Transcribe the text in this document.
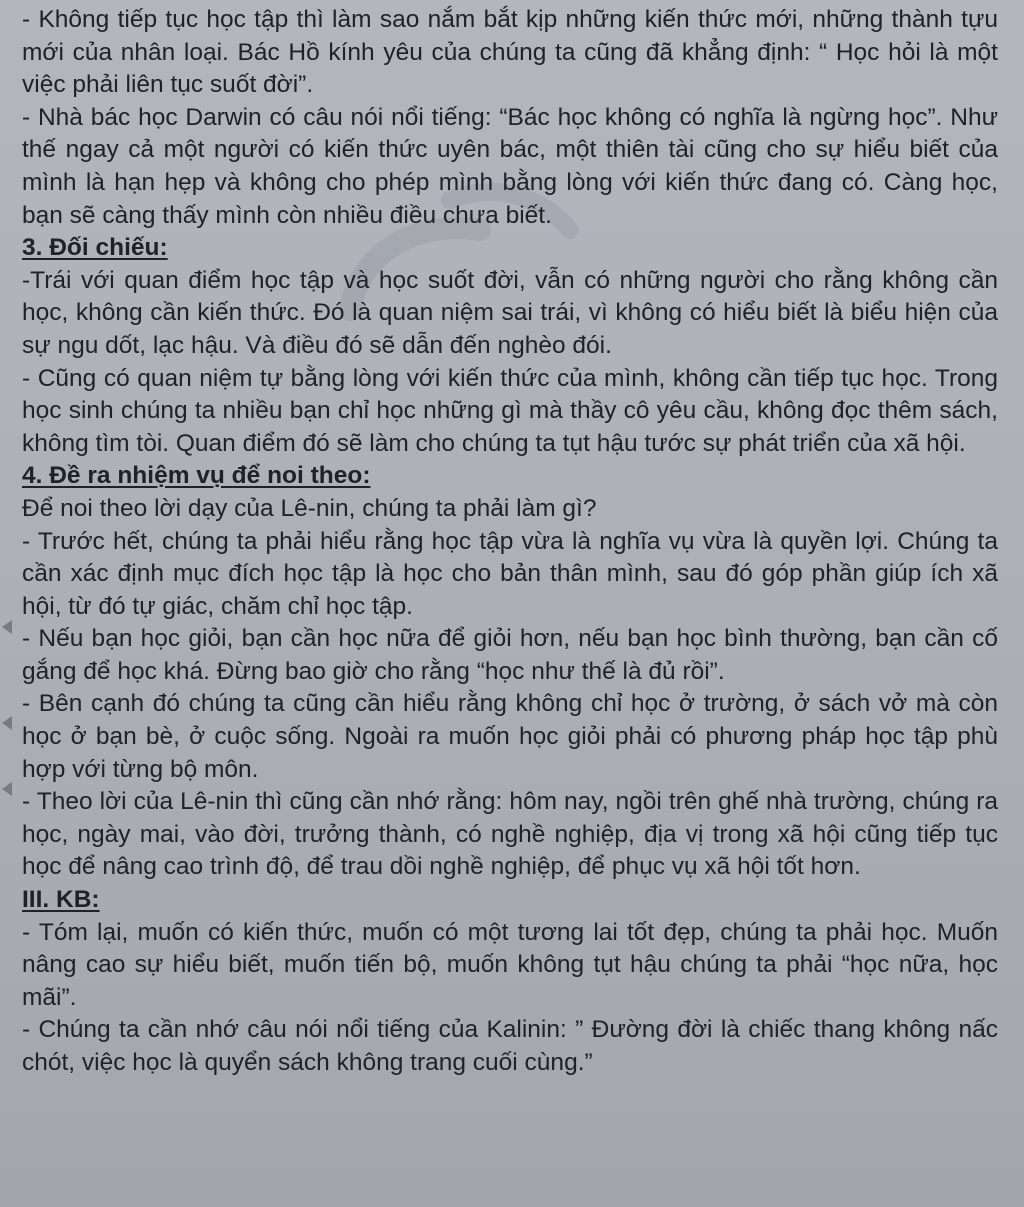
- Không tiếp tục học tập thì làm sao nắm bắt kịp những kiến thức mới, những thành tựu mới của nhân loại. Bác Hồ kính yêu của chúng ta cũng đã khẳng định: “ Học hỏi là một việc phải liên tục suốt đời”.

- Nhà bác học Darwin có câu nói nổi tiếng: “Bác học không có nghĩa là ngừng học”. Như thế ngay cả một người có kiến thức uyên bác, một thiên tài cũng cho sự hiểu biết của mình là hạn hẹp và không cho phép mình bằng lòng với kiến thức đang có. Càng học, bạn sẽ càng thấy mình còn nhiều điều chưa biết.

3. Đối chiếu:

-Trái với quan điểm học tập và học suốt đời, vẫn có những người cho rằng không cần học, không cần kiến thức. Đó là quan niệm sai trái, vì không có hiểu biết là biểu hiện của sự ngu dốt, lạc hậu. Và điều đó sẽ dẫn đến nghèo đói.

- Cũng có quan niệm tự bằng lòng với kiến thức của mình, không cần tiếp tục học. Trong học sinh chúng ta nhiều bạn chỉ học những gì mà thầy cô yêu cầu, không đọc thêm sách, không tìm tòi. Quan điểm đó sẽ làm cho chúng ta tụt hậu tước sự phát triển của xã hội.

4. Đề ra nhiệm vụ để noi theo:

Để noi theo lời dạy của Lê-nin, chúng ta phải làm gì?

- Trước hết, chúng ta phải hiểu rằng học tập vừa là nghĩa vụ vừa là quyền lợi. Chúng ta cần xác định mục đích học tập là học cho bản thân mình, sau đó góp phần giúp ích xã hội, từ đó tự giác, chăm chỉ học tập.

- Nếu bạn học giỏi, bạn cần học nữa để giỏi hơn, nếu bạn học bình thường, bạn cần cố gắng để học khá. Đừng bao giờ cho rằng “học như thế là đủ rồi”.

- Bên cạnh đó chúng ta cũng cần hiểu rằng không chỉ học ở trường, ở sách vở mà còn học ở bạn bè, ở cuộc sống. Ngoài ra muốn học giỏi phải có phương pháp học tập phù hợp với từng bộ môn.

- Theo lời của Lê-nin thì cũng cần nhớ rằng: hôm nay, ngồi trên ghế nhà trường, chúng ra học, ngày mai, vào đời, trưởng thành, có nghề nghiệp, địa vị trong xã hội cũng tiếp tục học để nâng cao trình độ, để trau dồi nghề nghiệp, để phục vụ xã hội tốt hơn.

III. KB:

- Tóm lại, muốn có kiến thức, muốn có một tương lai tốt đẹp, chúng ta phải học. Muốn nâng cao sự hiểu biết, muốn tiến bộ, muốn không tụt hậu chúng ta phải “học nữa, học mãi”.

- Chúng ta cần nhớ câu nói nổi tiếng của Kalinin: ” Đường đời là chiếc thang không nấc chót, việc học là quyển sách không trang cuối cùng.”
